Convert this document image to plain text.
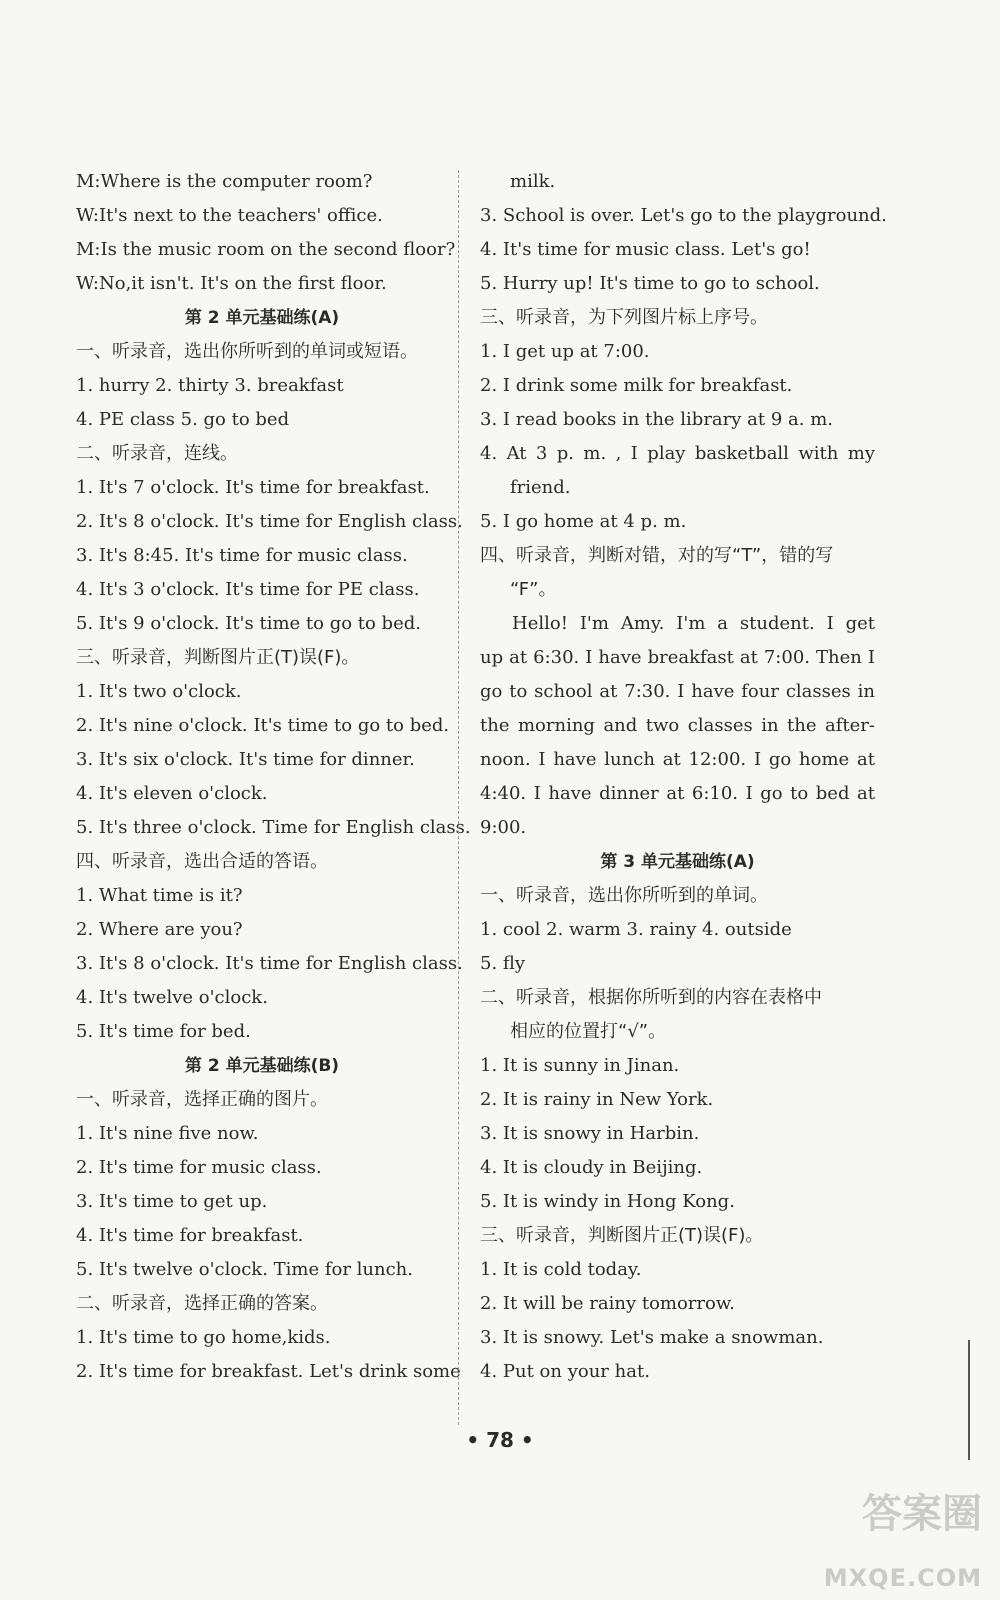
M:Where is the computer room?
W:It's next to the teachers' office.
M:Is the music room on the second floor?
W:No,it isn't. It's on the first floor.
第 2 单元基础练(A)
一、听录音，选出你所听到的单词或短语。
1. hurry 2. thirty 3. breakfast
4. PE class 5. go to bed
二、听录音，连线。
1. It's 7 o'clock. It's time for breakfast.
2. It's 8 o'clock. It's time for English class.
3. It's 8:45. It's time for music class.
4. It's 3 o'clock. It's time for PE class.
5. It's 9 o'clock. It's time to go to bed.
三、听录音，判断图片正(T)误(F)。
1. It's two o'clock.
2. It's nine o'clock. It's time to go to bed.
3. It's six o'clock. It's time for dinner.
4. It's eleven o'clock.
5. It's three o'clock. Time for English class.
四、听录音，选出合适的答语。
1. What time is it?
2. Where are you?
3. It's 8 o'clock. It's time for English class.
4. It's twelve o'clock.
5. It's time for bed.
第 2 单元基础练(B)
一、听录音，选择正确的图片。
1. It's nine five now.
2. It's time for music class.
3. It's time to get up.
4. It's time for breakfast.
5. It's twelve o'clock. Time for lunch.
二、听录音，选择正确的答案。
1. It's time to go home,kids.
2. It's time for breakfast. Let's drink some
milk.
3. School is over. Let's go to the playground.
4. It's time for music class. Let's go!
5. Hurry up! It's time to go to school.
三、听录音，为下列图片标上序号。
1. I get up at 7:00.
2. I drink some milk for breakfast.
3. I read books in the library at 9 a. m.
4. At 3 p. m. , I play basketball with my
friend.
5. I go home at 4 p. m.
四、听录音，判断对错，对的写“T”，错的写
“F”。
Hello! I'm Amy. I'm a student. I get
up at 6:30. I have breakfast at 7:00. Then I
go to school at 7:30. I have four classes in
the morning and two classes in the after-
noon. I have lunch at 12:00. I go home at
4:40. I have dinner at 6:10. I go to bed at
9:00.
第 3 单元基础练(A)
一、听录音，选出你所听到的单词。
1. cool 2. warm 3. rainy 4. outside
5. fly
二、听录音，根据你所听到的内容在表格中
相应的位置打“√”。
1. It is sunny in Jinan.
2. It is rainy in New York.
3. It is snowy in Harbin.
4. It is cloudy in Beijing.
5. It is windy in Hong Kong.
三、听录音，判断图片正(T)误(F)。
1. It is cold today.
2. It will be rainy tomorrow.
3. It is snowy. Let's make a snowman.
4. Put on your hat.
• 78 •
答案圈
MXQE.COM
